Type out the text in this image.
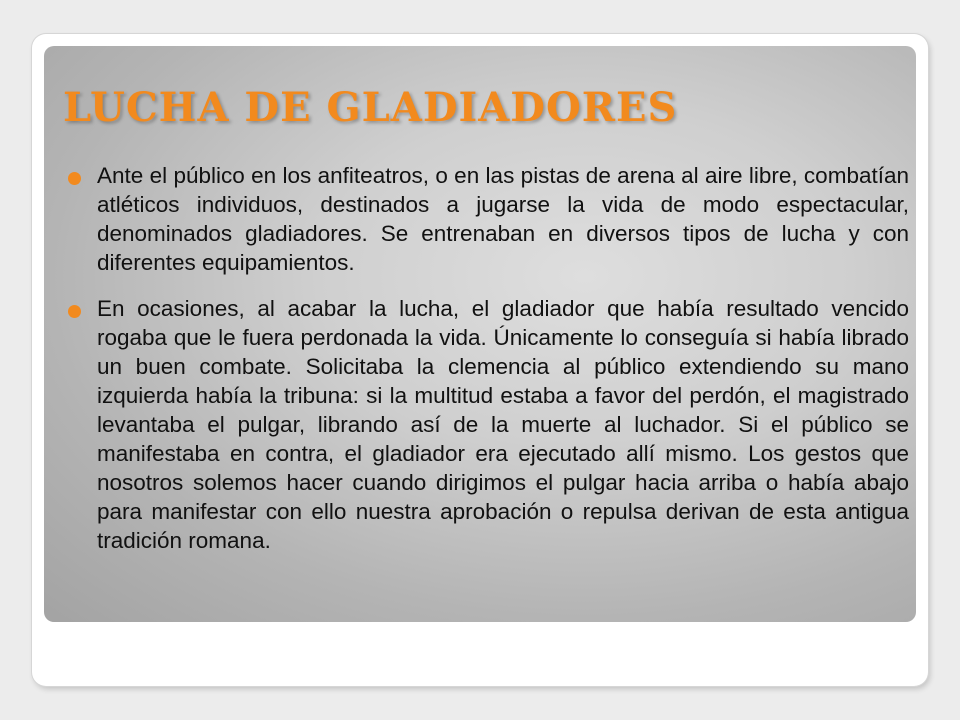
LUCHA DE GLADIADORES

Ante el público en los anfiteatros, o en las pistas de arena al aire libre, combatían atléticos individuos, destinados a jugarse la vida de modo espectacular, denominados gladiadores. Se entrenaban en diversos tipos de lucha y con diferentes equipamientos.

En ocasiones, al acabar la lucha, el gladiador que había resultado vencido rogaba que le fuera perdonada la vida. Únicamente lo conseguía si había librado un buen combate. Solicitaba la clemencia al público extendiendo su mano izquierda había la tribuna: si la multitud estaba a favor del perdón, el magistrado levantaba el pulgar, librando así de la muerte al luchador. Si el público se manifestaba en contra, el gladiador era ejecutado allí mismo. Los gestos que nosotros solemos hacer cuando dirigimos el pulgar hacia arriba o había abajo para manifestar con ello nuestra aprobación o repulsa derivan de esta antigua tradición romana.
